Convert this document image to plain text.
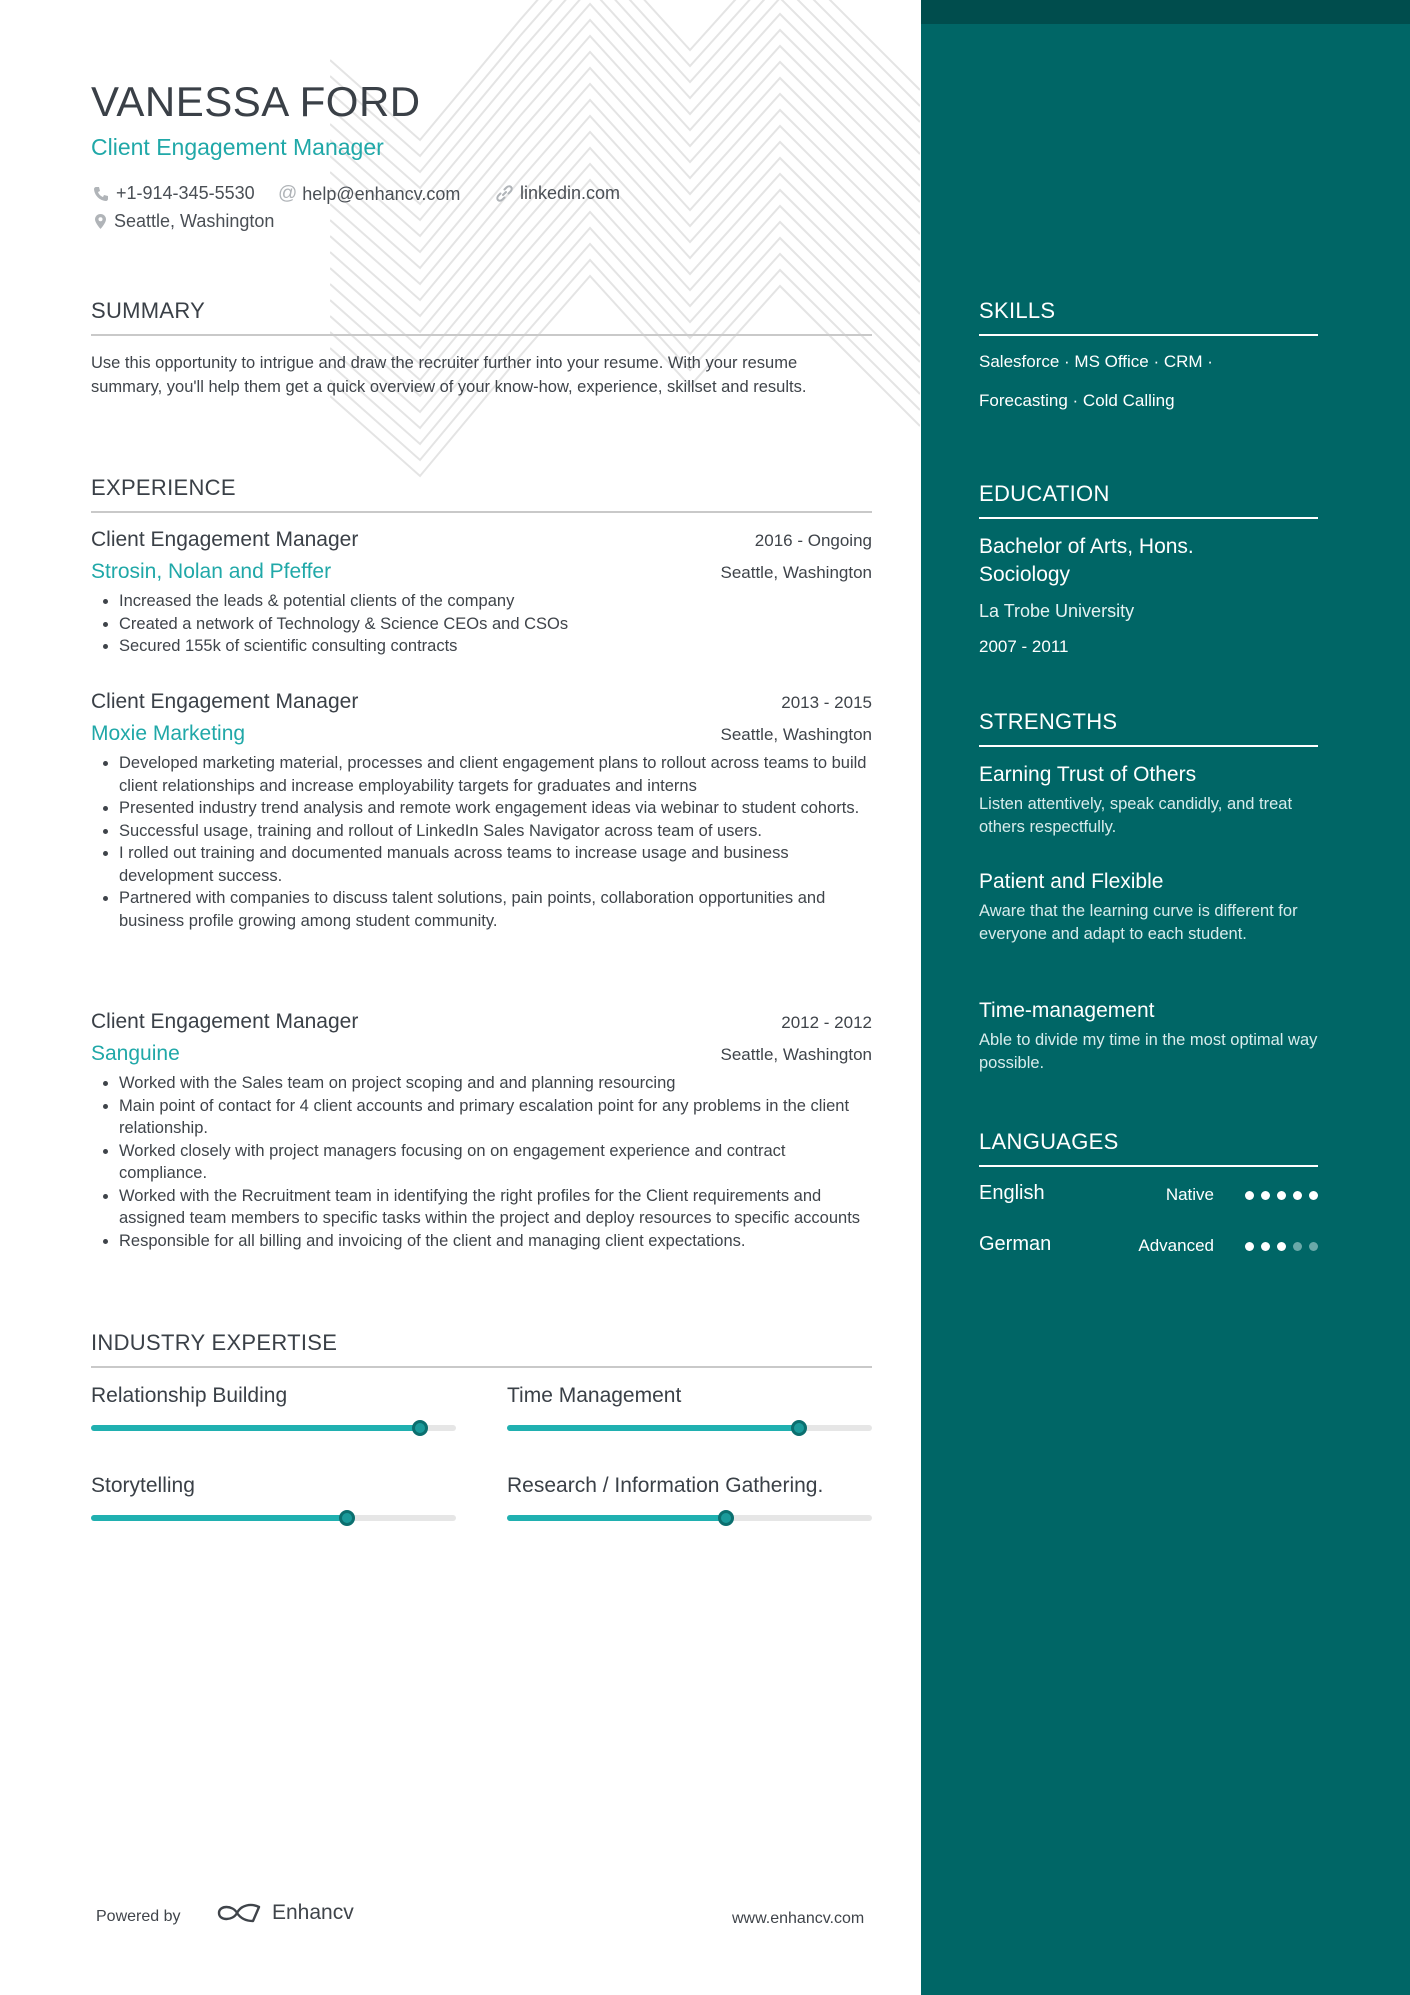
VANESSA FORD
Client Engagement Manager
+1-914-345-5530 @ help@enhancv.com	linkedin.com
Seattle, Washington
SUMMARY

Use this opportunity to intrigue and draw the recruiter further into your resume. With your resume summary, you'll help them get a quick overview of your know-how, experience, skillset and results.

EXPERIENCE
Client Engagement Manager	2016 - Ongoing
Strosin, Nolan and Pfeffer	Seattle, Washington
• Increased the leads & potential clients of the company
• Created a network of Technology & Science CEOs and CSOs
• Secured 155k of scientific consulting contracts
Client Engagement Manager	2013 - 2015
Moxie Marketing	Seattle, Washington
• Developed marketing material, processes and client engagement plans to rollout across teams to build client relationships and increase employability targets for graduates and interns
• Presented industry trend analysis and remote work engagement ideas via webinar to student cohorts.
• Successful usage, training and rollout of LinkedIn Sales Navigator across team of users.
• I rolled out training and documented manuals across teams to increase usage and business development success.
• Partnered with companies to discuss talent solutions, pain points, collaboration opportunities and business profile growing among student community.
Client Engagement Manager	2012 - 2012
Sanguine	Seattle, Washington
• Worked with the Sales team on project scoping and and planning resourcing
• Main point of contact for 4 client accounts and primary escalation point for any problems in the client relationship.
• Worked closely with project managers focusing on on engagement experience and contract compliance.
• Worked with the Recruitment team in identifying the right profiles for the Client requirements and assigned team members to specific tasks within the project and deploy resources to specific accounts
• Responsible for all billing and invoicing of the client and managing client expectations.
INDUSTRY EXPERTISE
Relationship Building	Time Management
Storytelling	Research / Information Gathering.
SKILLS
Salesforce · MS Office · CRM ·
Forecasting · Cold Calling
EDUCATION
Bachelor of Arts, Hons. Sociology
La Trobe University
2007 - 2011
STRENGTHS
Earning Trust of Others
Listen attentively, speak candidly, and treat others respectfully.
Patient and Flexible
Aware that the learning curve is different for everyone and adapt to each student.
Time-management
Able to divide my time in the most optimal way possible.
LANGUAGES
English	Native
German	Advanced
Powered by	Enhancv	www.enhancv.com
